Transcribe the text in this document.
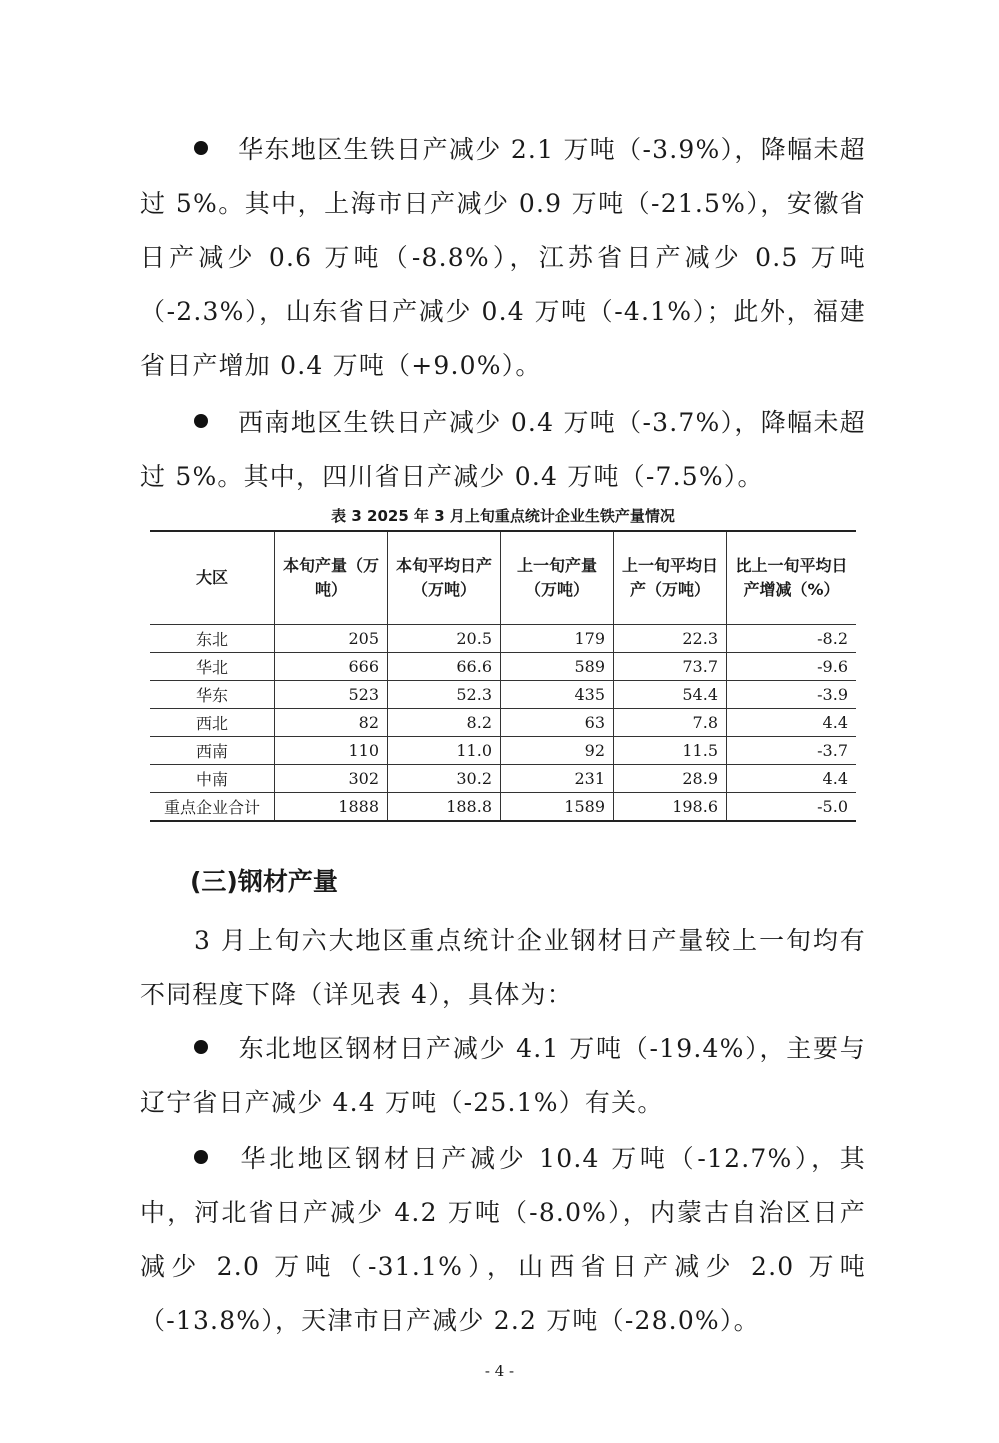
华东地区生铁日产减少 2.1 万吨（-3.9%），降幅未超过 5%。其中，上海市日产减少 0.9 万吨（-21.5%），安徽省日产减少 0.6 万吨（-8.8%），江苏省日产减少 0.5 万吨（-2.3%），山东省日产减少 0.4 万吨（-4.1%）；此外，福建省日产增加 0.4 万吨（+9.0%）。

西南地区生铁日产减少 0.4 万吨（-3.7%），降幅未超过 5%。其中，四川省日产减少 0.4 万吨（-7.5%）。

表 3 2025 年 3 月上旬重点统计企业生铁产量情况
大区	本旬产量（万吨）	本旬平均日产（万吨）	上一旬产量（万吨）	上一旬平均日产（万吨）	比上一旬平均日产增减（%）
东北	205	20.5	179	22.3	-8.2
华北	666	66.6	589	73.7	-9.6
华东	523	52.3	435	54.4	-3.9
西北	82	8.2	63	7.8	4.4
西南	110	11.0	92	11.5	-3.7
中南	302	30.2	231	28.9	4.4
重点企业合计	1888	188.8	1589	198.6	-5.0
(三)钢材产量

3 月上旬六大地区重点统计企业钢材日产量较上一旬均有不同程度下降（详见表 4），具体为：

东北地区钢材日产减少 4.1 万吨（-19.4%），主要与辽宁省日产减少 4.4 万吨（-25.1%）有关。

华北地区钢材日产减少 10.4 万吨（-12.7%），其中，河北省日产减少 4.2 万吨（-8.0%），内蒙古自治区日产减少 2.0 万吨（-31.1%），山西省日产减少 2.0 万吨（-13.8%），天津市日产减少 2.2 万吨（-28.0%）。

- 4 -
